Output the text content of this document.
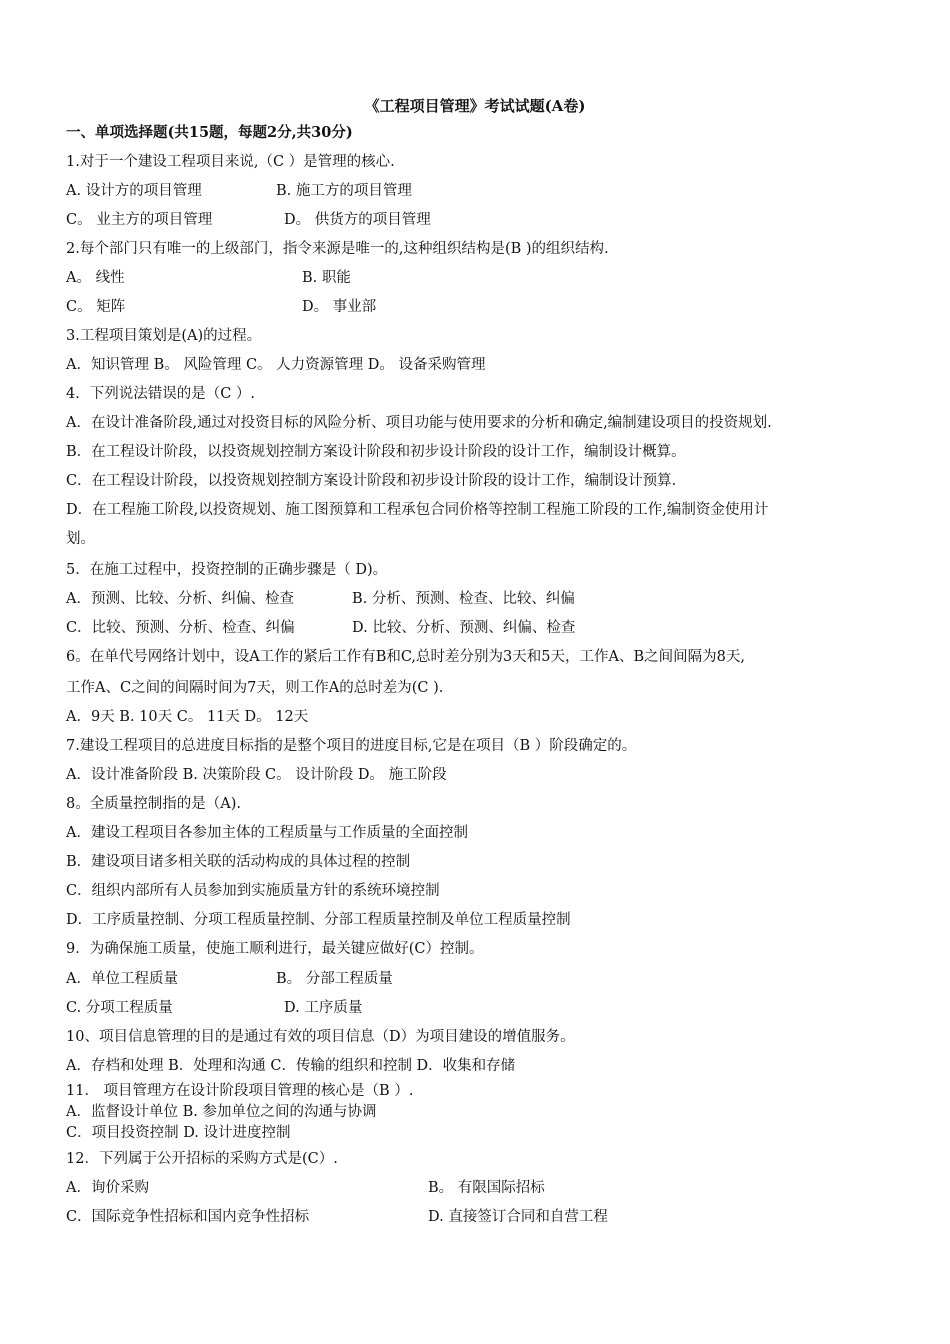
《工程项目管理》考试试题(A卷)
一、单项选择题(共15题，每题2分,共30分)
1.对于一个建设工程项目来说,（C ）是管理的核心.
A. 设计方的项目管理	B. 施工方的项目管理
C。 业主方的项目管理	D。 供货方的项目管理
2.每个部门只有唯一的上级部门，指令来源是唯一的,这种组织结构是(B )的组织结构.
A。 线性	B. 职能
C。 矩阵	D。 事业部
3.工程项目策划是(A)的过程。
A．知识管理 B。 风险管理 C。 人力资源管理 D。 设备采购管理
4．下列说法错误的是（C ）.
A．在设计准备阶段,通过对投资目标的风险分析、项目功能与使用要求的分析和确定,编制建设项目的投资规划.
B．在工程设计阶段，以投资规划控制方案设计阶段和初步设计阶段的设计工作，编制设计概算。
C．在工程设计阶段，以投资规划控制方案设计阶段和初步设计阶段的设计工作，编制设计预算.
D．在工程施工阶段,以投资规划、施工图预算和工程承包合同价格等控制工程施工阶段的工作,编制资金使用计
划。
5．在施工过程中，投资控制的正确步骤是（ D)。
A．预测、比较、分析、纠偏、检查	B. 分析、预测、检查、比较、纠偏
C．比较、预测、分析、检查、纠偏	D. 比较、分析、预测、纠偏、检查
6。在单代号网络计划中，设A工作的紧后工作有B和C,总时差分别为3天和5天，工作A、B之间间隔为8天,
工作A、C之间的间隔时间为7天，则工作A的总时差为(C ).
A．9天 B. 10天 C。 11天 D。 12天
7.建设工程项目的总进度目标指的是整个项目的进度目标,它是在项目（B ）阶段确定的。
A．设计准备阶段 B. 决策阶段 C。 设计阶段 D。 施工阶段
8。全质量控制指的是（A).
A．建设工程项目各参加主体的工程质量与工作质量的全面控制
B．建设项目诸多相关联的活动构成的具体过程的控制
C．组织内部所有人员参加到实施质量方针的系统环境控制
D．工序质量控制、分项工程质量控制、分部工程质量控制及单位工程质量控制
9．为确保施工质量，使施工顺利进行，最关键应做好(C）控制。
A．单位工程质量	B。 分部工程质量
C. 分项工程质量	D. 工序质量
10、项目信息管理的目的是通过有效的项目信息（D）为项目建设的增值服务。
A．存档和处理 B．处理和沟通 C．传输的组织和控制 D．收集和存储
11． 项目管理方在设计阶段项目管理的核心是（B ）.
A．监督设计单位 B. 参加单位之间的沟通与协调
C．项目投资控制 D. 设计进度控制
12．下列属于公开招标的采购方式是(C）.
A．询价采购	B。 有限国际招标
C．国际竞争性招标和国内竞争性招标	D. 直接签订合同和自营工程
